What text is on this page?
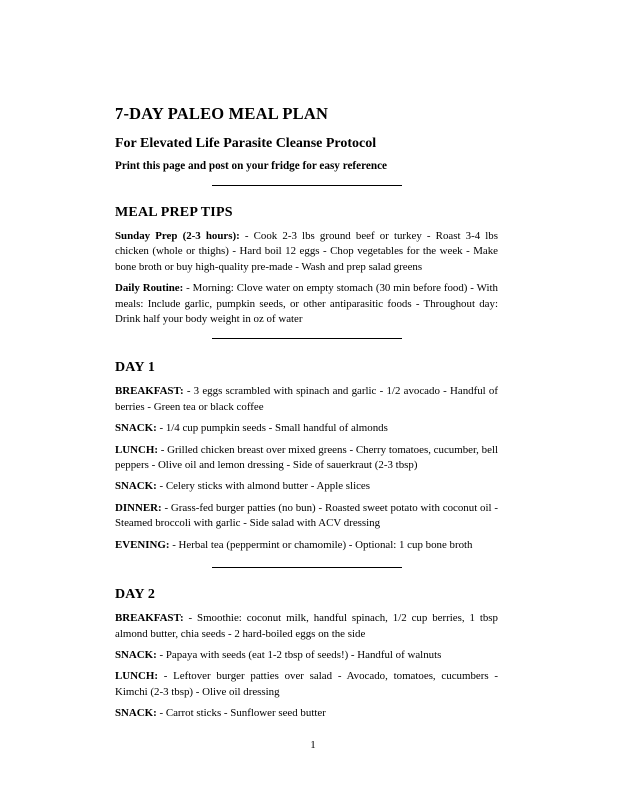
7-DAY PALEO MEAL PLAN
For Elevated Life Parasite Cleanse Protocol
Print this page and post on your fridge for easy reference
MEAL PREP TIPS

Sunday Prep (2-3 hours): - Cook 2-3 lbs ground beef or turkey - Roast 3-4 lbs chicken (whole or thighs) - Hard boil 12 eggs - Chop vegetables for the week - Make bone broth or buy high-quality pre-made - Wash and prep salad greens

Daily Routine: - Morning: Clove water on empty stomach (30 min before food) - With meals: Include garlic, pumpkin seeds, or other antiparasitic foods - Throughout day: Drink half your body weight in oz of water

DAY 1

BREAKFAST: - 3 eggs scrambled with spinach and garlic - 1/2 avocado - Handful of berries - Green tea or black coffee

SNACK: - 1/4 cup pumpkin seeds - Small handful of almonds

LUNCH: - Grilled chicken breast over mixed greens - Cherry tomatoes, cucumber, bell peppers - Olive oil and lemon dressing - Side of sauerkraut (2-3 tbsp)

SNACK: - Celery sticks with almond butter - Apple slices

DINNER: - Grass-fed burger patties (no bun) - Roasted sweet potato with coconut oil - Steamed broccoli with garlic - Side salad with ACV dressing

EVENING: - Herbal tea (peppermint or chamomile) - Optional: 1 cup bone broth

DAY 2

BREAKFAST: - Smoothie: coconut milk, handful spinach, 1/2 cup berries, 1 tbsp almond butter, chia seeds - 2 hard-boiled eggs on the side

SNACK: - Papaya with seeds (eat 1-2 tbsp of seeds!) - Handful of walnuts

LUNCH: - Leftover burger patties over salad - Avocado, tomatoes, cucumbers - Kimchi (2-3 tbsp) - Olive oil dressing

SNACK: - Carrot sticks - Sunflower seed butter

1
